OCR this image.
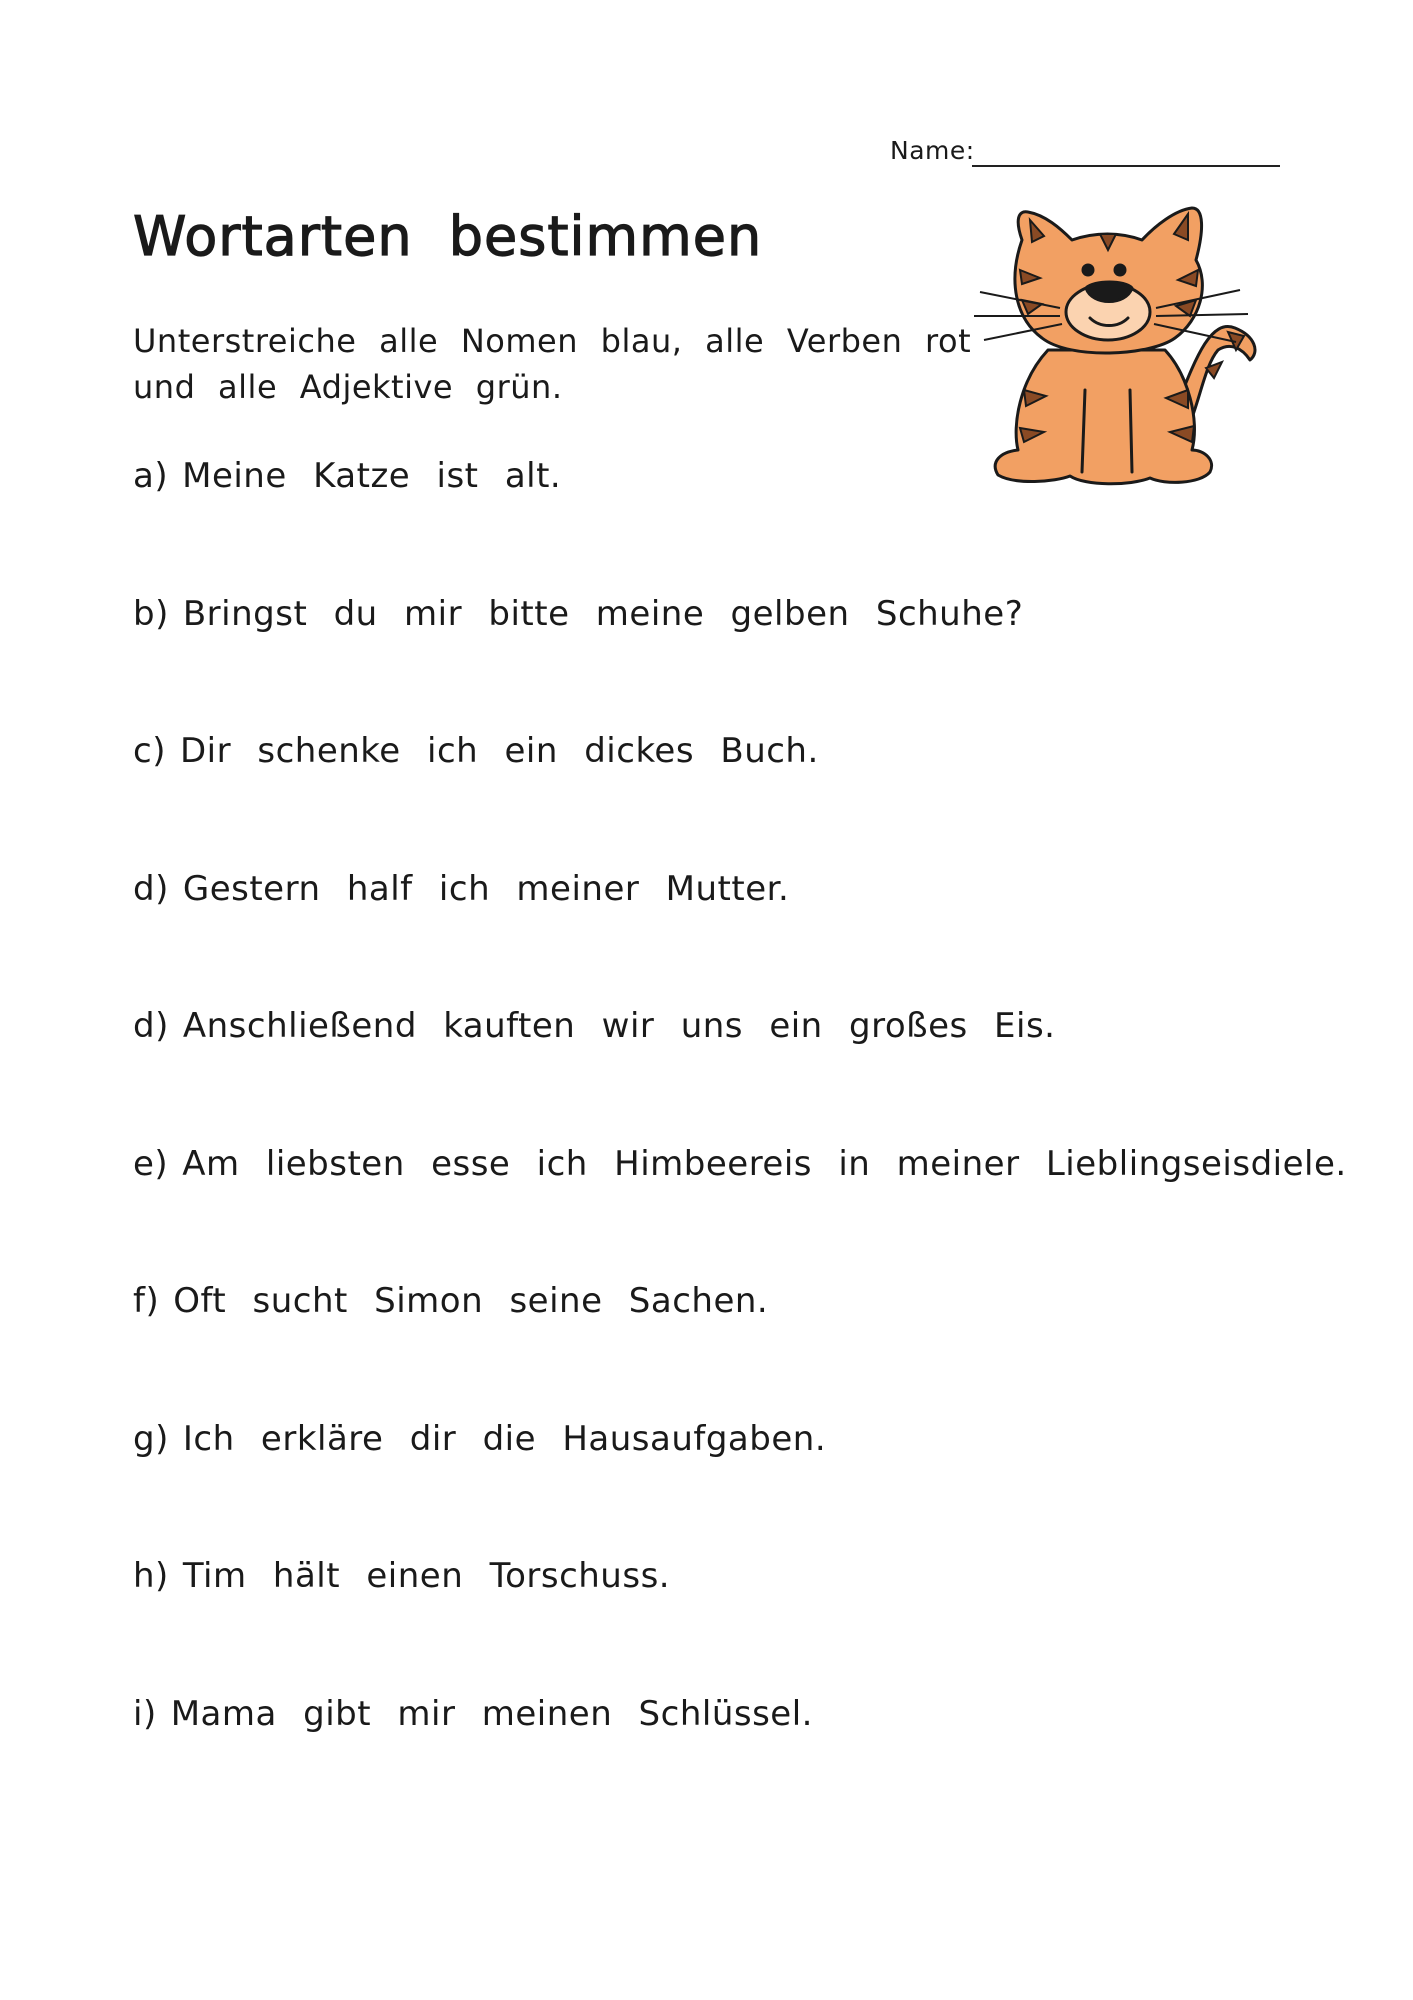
Name:
Wortarten bestimmen

Unterstreiche alle Nomen blau, alle Verben rot
und alle Adjektive grün.

a) Meine Katze ist alt.
b) Bringst du mir bitte meine gelben Schuhe?
c) Dir schenke ich ein dickes Buch.
d) Gestern half ich meiner Mutter.
d) Anschließend kauften wir uns ein großes Eis.
e) Am liebsten esse ich Himbeereis in meiner Lieblingseisdiele.
f) Oft sucht Simon seine Sachen.
g) Ich erkläre dir die Hausaufgaben.
h) Tim hält einen Torschuss.
i) Mama gibt mir meinen Schlüssel.
